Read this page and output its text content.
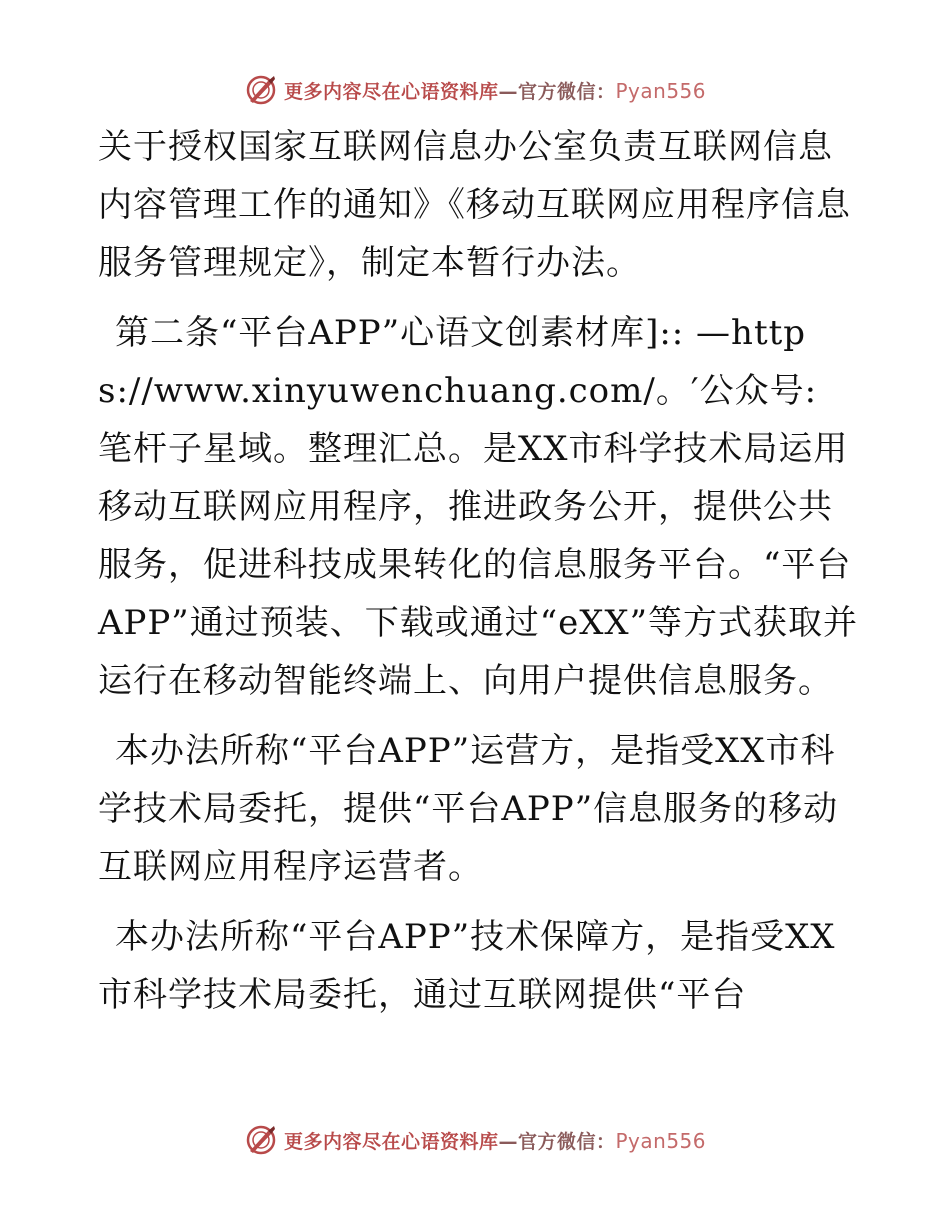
更多内容尽在心语资料库—官方微信：Pyan556

关于授权国家互联网信息办公室负责互联网信息内容管理工作的通知》《移动互联网应用程序信息服务管理规定》，制定本暂行办法。

第二条“平台APP”心语文创素材库]:: —https://www.xinyuwenchuang.com/。′公众号: 笔杆子星域。整理汇总。是XX市科学技术局运用移动互联网应用程序，推进政务公开，提供公共服务，促进科技成果转化的信息服务平台。“平台APP”通过预装、下载或通过“eXX”等方式获取并运行在移动智能终端上、向用户提供信息服务。

本办法所称“平台APP”运营方，是指受XX市科学技术局委托，提供“平台APP”信息服务的移动互联网应用程序运营者。

本办法所称“平台APP”技术保障方，是指受XX市科学技术局委托，通过互联网提供“平台

更多内容尽在心语资料库—官方微信：Pyan556
